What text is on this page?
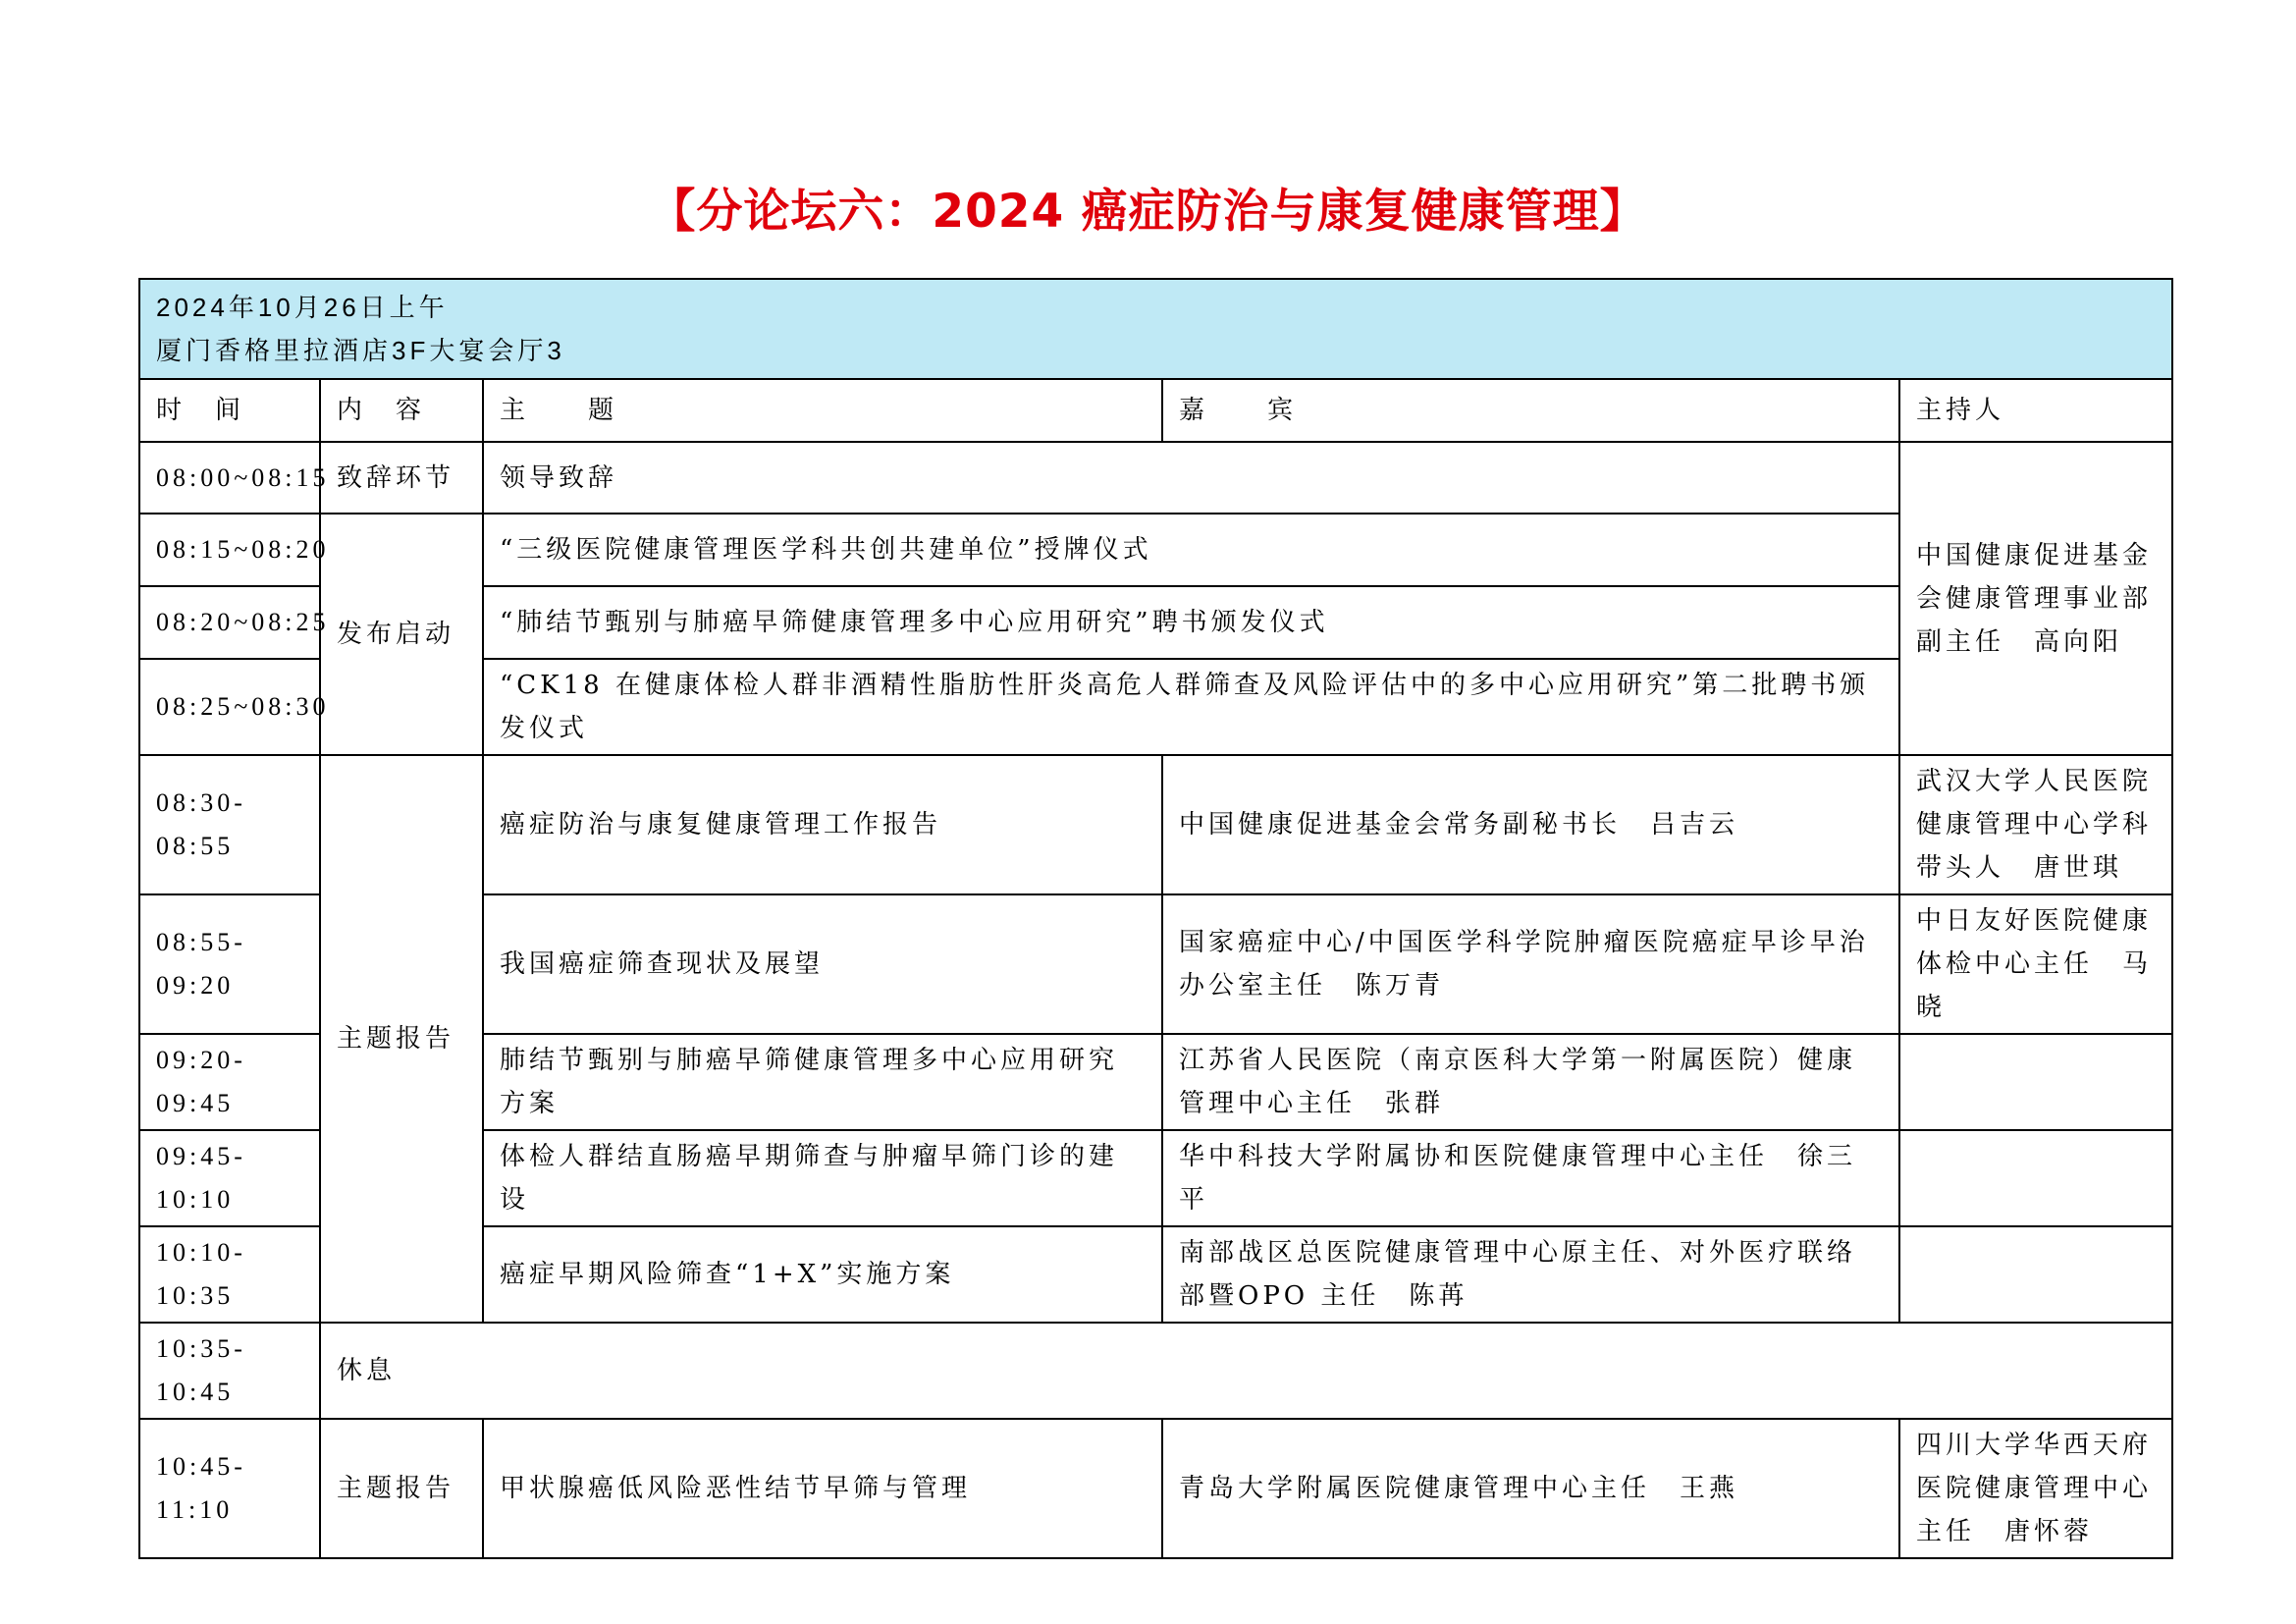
【分论坛六：2024 癌症防治与康复健康管理】
2024年10月26日上午
厦门香格里拉酒店3F大宴会厅3				

时　间	内　容	主　　题	嘉　　宾	主持人
08:00~08:15	致辞环节	领导致辞		中国健康促进基金会健康管理事业部副主任　高向阳
08:15~08:20	发布启动	“三级医院健康管理医学科共创共建单位”授牌仪式		
08:20~08:25		“肺结节甄别与肺癌早筛健康管理多中心应用研究”聘书颁发仪式		
08:25~08:30		“CK18 在健康体检人群非酒精性脂肪性肝炎高危人群筛查及风险评估中的多中心应用研究”第二批聘书颁发仪式		
08:30-08:55	主题报告	癌症防治与康复健康管理工作报告	中国健康促进基金会常务副秘书长　吕吉云	武汉大学人民医院健康管理中心学科带头人　唐世琪
08:55-09:20		我国癌症筛查现状及展望	国家癌症中心/中国医学科学院肿瘤医院癌症早诊早治办公室主任　陈万青	中日友好医院健康体检中心主任　马晓
09:20-09:45		肺结节甄别与肺癌早筛健康管理多中心应用研究方案	江苏省人民医院（南京医科大学第一附属医院）健康管理中心主任　张群	
09:45-10:10		体检人群结直肠癌早期筛查与肿瘤早筛门诊的建设	华中科技大学附属协和医院健康管理中心主任　徐三平	
10:10-10:35		癌症早期风险筛查“1+X”实施方案	南部战区总医院健康管理中心原主任、对外医疗联络部暨OPO 主任　陈苒	
10:35-10:45	休息			
10:45-11:10	主题报告	甲状腺癌低风险恶性结节早筛与管理	青岛大学附属医院健康管理中心主任　王燕	四川大学华西天府医院健康管理中心主任　唐怀蓉
